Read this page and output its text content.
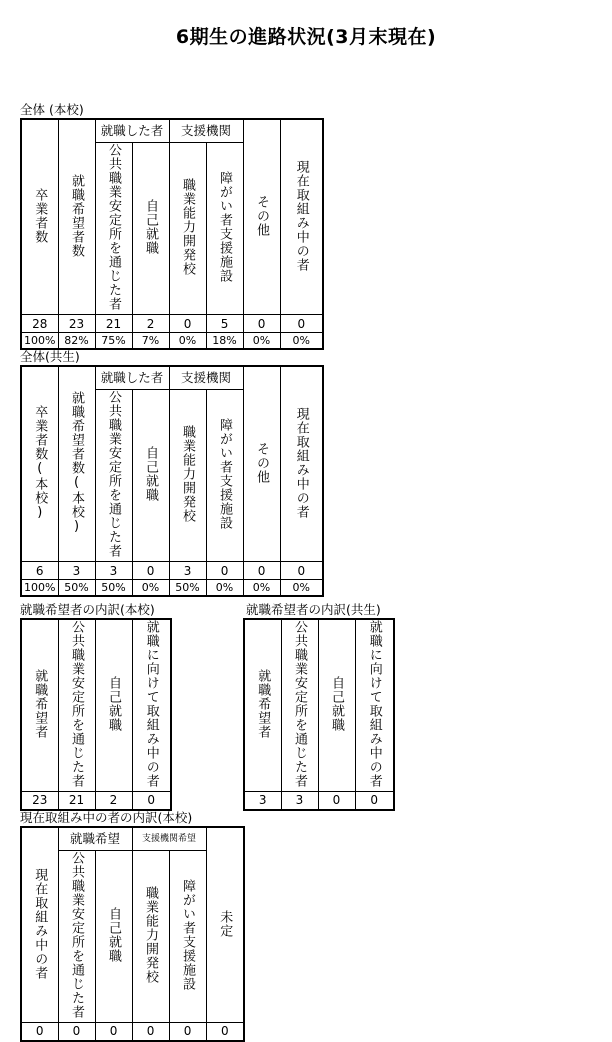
6期生の進路状況(3月末現在)
全体 (本校)
卒業者数	就職希望者数	就職した者		支援機関		その他	現在取組み中の者
		公共職業安定所を通じた者	自己就職	職業能力開発校	障がい者支援施設		
28	23	21	2	0	5	0	0
100%	82%	75%	7%	0%	18%	0%	0%
全体(共生)
卒業者数(本校)	就職希望者数(本校)	就職した者		支援機関		その他	現在取組み中の者
		公共職業安定所を通じた者	自己就職	職業能力開発校	障がい者支援施設		
6	3	3	0	3	0	0	0
100%	50%	50%	0%	50%	0%	0%	0%
就職希望者の内訳(本校)
就職希望者	公共職業安定所を通じた者	自己就職	就職に向けて取組み中の者
23	21	2	0
就職希望者の内訳(共生)
就職希望者	公共職業安定所を通じた者	自己就職	就職に向けて取組み中の者
3	3	0	0
現在取組み中の者の内訳(本校)
現在取組み中の者	就職希望		支援機関希望		未定
	公共職業安定所を通じた者	自己就職	職業能力開発校	障がい者支援施設	
0	0	0	0	0	0
